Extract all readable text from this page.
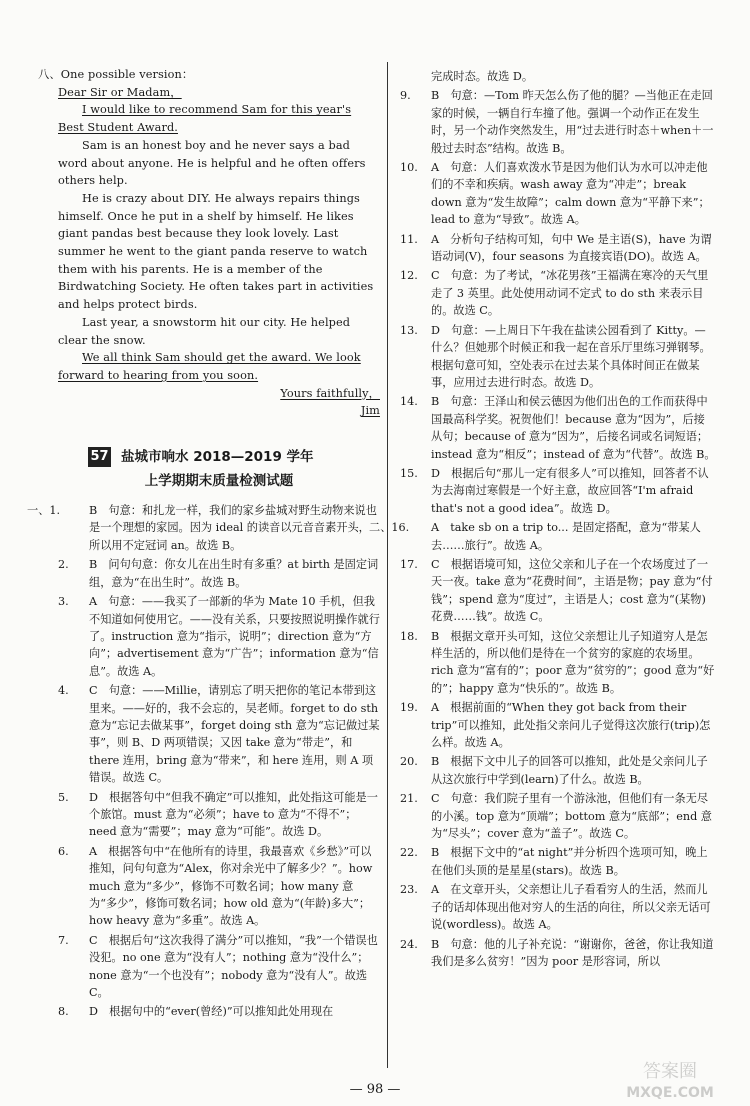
八、One possible version：

Dear Sir or Madam，

I would like to recommend Sam for this year's Best Student Award.

Sam is an honest boy and he never says a bad word about anyone. He is helpful and he often offers others help.

He is crazy about DIY. He always repairs things himself. Once he put in a shelf by himself. He likes giant pandas best because they look lovely. Last summer he went to the giant panda reserve to watch them with his parents. He is a member of the Birdwatching Society. He often takes part in activities and helps protect birds.

Last year, a snowstorm hit our city. He helped clear the snow.

We all think Sam should get the award. We look forward to hearing from you soon.

Yours faithfully，

Jim

57 盐城市响水 2018—2019 学年
上学期期末质量检测试题
一、1.	B　句意：和扎龙一样，我们的家乡盐城对野生动物来说也是一个理想的家园。因为 ideal 的读音以元音音素开头，所以用不定冠词 an。故选 B。
2.	B　问句句意：你女儿在出生时有多重？at birth 是固定词组，意为“在出生时”。故选 B。
3.	A　句意：——我买了一部新的华为 Mate 10 手机，但我不知道如何使用它。——没有关系，只要按照说明操作就行了。instruction 意为“指示，说明”；direction 意为“方向”；advertisement 意为“广告”；information 意为“信息”。故选 A。
4.	C　句意：——Millie，请别忘了明天把你的笔记本带到这里来。——好的，我不会忘的，吴老师。forget to do sth 意为“忘记去做某事”，forget doing sth 意为“忘记做过某事”，则 B、D 两项错误；又因 take 意为“带走”，和 there 连用，bring 意为“带来”，和 here 连用，则 A 项错误。故选 C。
5.	D　根据答句中“但我不确定”可以推知，此处指这可能是一个旅馆。must 意为“必须”；have to 意为“不得不”；need 意为“需要”；may 意为“可能”。故选 D。
6.	A　根据答句中“在他所有的诗里，我最喜欢《乡愁》”可以推知，问句句意为“Alex，你对余光中了解多少？”。how much 意为“多少”，修饰不可数名词；how many 意为“多少”，修饰可数名词；how old 意为“(年龄)多大”；how heavy 意为“多重”。故选 A。
7.	C　根据后句“这次我得了满分”可以推知，“我”一个错误也没犯。no one 意为“没有人”；nothing 意为“没什么”；none 意为“一个也没有”；nobody 意为“没有人”。故选 C。
8.	D　根据句中的“ever(曾经)”可以推知此处用现在
完成时态。故选 D。
9.	B　句意：—Tom 昨天怎么伤了他的腿？—当他正在走回家的时候，一辆自行车撞了他。强调一个动作正在发生时，另一个动作突然发生，用“过去进行时态＋when＋一般过去时态”结构。故选 B。
10.	A　句意：人们喜欢泼水节是因为他们认为水可以冲走他们的不幸和疾病。wash away 意为“冲走”；break down 意为“发生故障”；calm down 意为“平静下来”；lead to 意为“导致”。故选 A。
11.	A　分析句子结构可知，句中 We 是主语(S)，have 为谓语动词(V)，four seasons 为直接宾语(DO)。故选 A。
12.	C　句意：为了考试，“冰花男孩”王福满在寒冷的天气里走了 3 英里。此处使用动词不定式 to do sth 来表示目的。故选 C。
13.	D　句意：—上周日下午我在盐读公园看到了 Kitty。—什么？但她那个时候正和我一起在音乐厅里练习弹钢琴。根据句意可知，空处表示在过去某个具体时间正在做某事，应用过去进行时态。故选 D。
14.	B　句意：王泽山和侯云德因为他们出色的工作而获得中国最高科学奖。祝贺他们！because 意为“因为”，后接从句；because of 意为“因为”，后接名词或名词短语；instead 意为“相反”；instead of 意为“代替”。故选 B。
15.	D　根据后句“那儿一定有很多人”可以推知，回答者不认为去海南过寒假是一个好主意，故应回答“I'm afraid that's not a good idea”。故选 D。
二、16.	A　take sb on a trip to... 是固定搭配，意为“带某人去……旅行”。故选 A。
17.	C　根据语境可知，这位父亲和儿子在一个农场度过了一天一夜。take 意为“花费时间”，主语是物；pay 意为“付钱”；spend 意为“度过”，主语是人；cost 意为“(某物)花费……钱”。故选 C。
18.	B　根据文章开头可知，这位父亲想让儿子知道穷人是怎样生活的，所以他们是待在一个贫穷的家庭的农场里。rich 意为“富有的”；poor 意为“贫穷的”；good 意为“好的”；happy 意为“快乐的”。故选 B。
19.	A　根据前面的“When they got back from their trip”可以推知，此处指父亲问儿子觉得这次旅行(trip)怎么样。故选 A。
20.	B　根据下文中儿子的回答可以推知，此处是父亲问儿子从这次旅行中学到(learn)了什么。故选 B。
21.	C　句意：我们院子里有一个游泳池，但他们有一条无尽的小溪。top 意为“顶端”；bottom 意为“底部”；end 意为“尽头”；cover 意为“盖子”。故选 C。
22.	B　根据下文中的“at night”并分析四个选项可知，晚上在他们头顶的是星星(stars)。故选 B。
23.	A　在文章开头，父亲想让儿子看看穷人的生活，然而儿子的话却体现出他对穷人的生活的向往，所以父亲无话可说(wordless)。故选 A。
24.	B　句意：他的儿子补充说：“谢谢你，爸爸，你让我知道我们是多么贫穷！”因为 poor 是形容词，所以
— 98 —
答案圈
MXQE.COM
